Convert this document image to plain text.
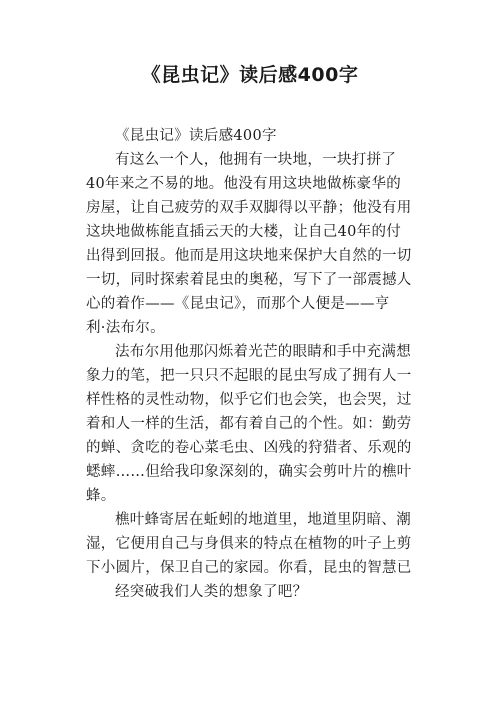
《昆虫记》读后感400字
《昆虫记》读后感400字
有这么一个人，他拥有一块地，一块打拼了
40年来之不易的地。他没有用这块地做栋豪华的
房屋，让自己疲劳的双手双脚得以平静；他没有用
这块地做栋能直插云天的大楼，让自己40年的付
出得到回报。他而是用这块地来保护大自然的一切
一切，同时探索着昆虫的奥秘，写下了一部震撼人
心的着作——《昆虫记》，而那个人便是——亨
利·法布尔。
法布尔用他那闪烁着光芒的眼睛和手中充满想
象力的笔，把一只只不起眼的昆虫写成了拥有人一
样性格的灵性动物，似乎它们也会笑，也会哭，过
着和人一样的生活，都有着自己的个性。如：勤劳
的蝉、贪吃的卷心菜毛虫、凶残的狩猎者、乐观的
蟋蟀……但给我印象深刻的，确实会剪叶片的樵叶
蜂。
樵叶蜂寄居在蚯蚓的地道里，地道里阴暗、潮
湿，它便用自己与身俱来的特点在植物的叶子上剪
下小圆片，保卫自己的家园。你看，昆虫的智慧已
经突破我们人类的想象了吧？
